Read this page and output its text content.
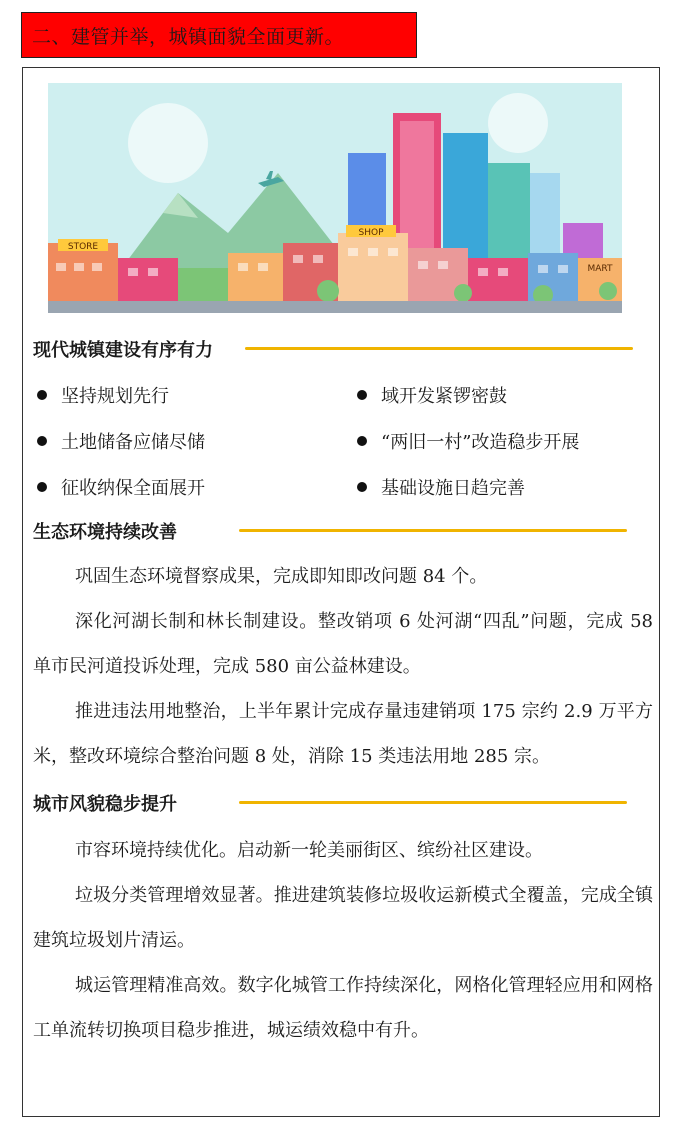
二、建管并举，城镇面貌全面更新。
STORE
SHOP
MART
现代城镇建设有序有力
坚持规划先行	域开发紧锣密鼓
土地储备应储尽储	“两旧一村”改造稳步开展
征收纳保全面展开	基础设施日趋完善
生态环境持续改善

巩固生态环境督察成果，完成即知即改问题 84 个。

深化河湖长制和林长制建设。整改销项 6 处河湖“四乱”问题，完成 58 单市民河道投诉处理，完成 580 亩公益林建设。

推进违法用地整治，上半年累计完成存量违建销项 175 宗约 2.9 万平方米，整改环境综合整治问题 8 处，消除 15 类违法用地 285 宗。

城市风貌稳步提升

市容环境持续优化。启动新一轮美丽街区、缤纷社区建设。

垃圾分类管理增效显著。推进建筑装修垃圾收运新模式全覆盖，完成全镇建筑垃圾划片清运。

城运管理精准高效。数字化城管工作持续深化，网格化管理轻应用和网格工单流转切换项目稳步推进，城运绩效稳中有升。
